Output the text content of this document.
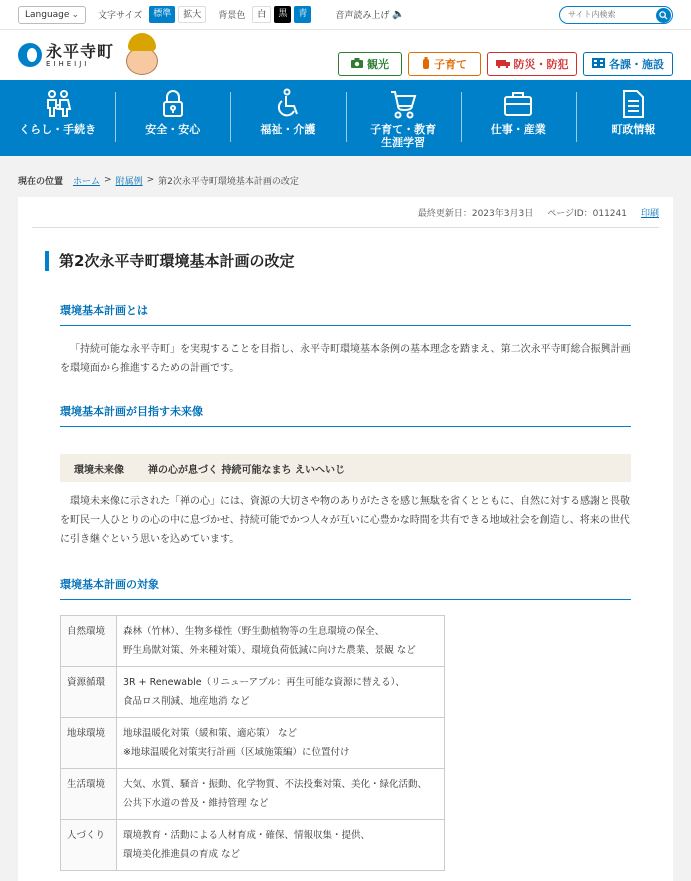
Language ⌄ 文字サイズ	標準	拡大	背景色	白	黒	青	音声読み上げ 🔈
サイト内検索
永平寺町
EIHEIJI	観光	子育て	防災・防犯	各課・施設
くらし・手続き	安全・安心	福祉・介護	子育て・教育
生涯学習
仕事・産業	町政情報
現在の位置 ホーム > 附属例 > 第2次永平寺町環境基本計画の改定
最終更新日：2023年3月3日 ページID：011241 印刷
第2次永平寺町環境基本計画の改定
環境基本計画とは

「持続可能な永平寺町」を実現することを目指し、永平寺町環境基本条例の基本理念を踏まえ、第二次永平寺町総合振興計画を環境面から推進するための計画です。

環境基本計画が目指す未来像
環境未来像 禅の心が息づく 持続可能なまち えいへいじ

環境未来像に示された「禅の心」には、資源の大切さや物のありがたさを感じ無駄を省くとともに、自然に対する感謝と畏敬を町民一人ひとりの心の中に息づかせ、持続可能でかつ人々が互いに心豊かな時間を共有できる地域社会を創造し、将来の世代に引き継ぐという思いを込めています。

環境基本計画の対象
自然環境	森林（竹林）、生物多様性（野生動植物等の生息環境の保全、
野生鳥獣対策、外来種対策）、環境負荷低減に向けた農業、景観 など

資源循環	3R + Renewable（リニューアブル：再生可能な資源に替える）、
食品ロス削減、地産地消 など

地球環境	地球温暖化対策（緩和策、適応策） など
※地球温暖化対策実行計画（区域施策編）に位置付け

生活環境	大気、水質、騒音・振動、化学物質、不法投棄対策、美化・緑化活動、
公共下水道の普及・維持管理 など

人づくり	環境教育・活動による人材育成・確保、情報収集・提供、
環境美化推進員の育成 など
